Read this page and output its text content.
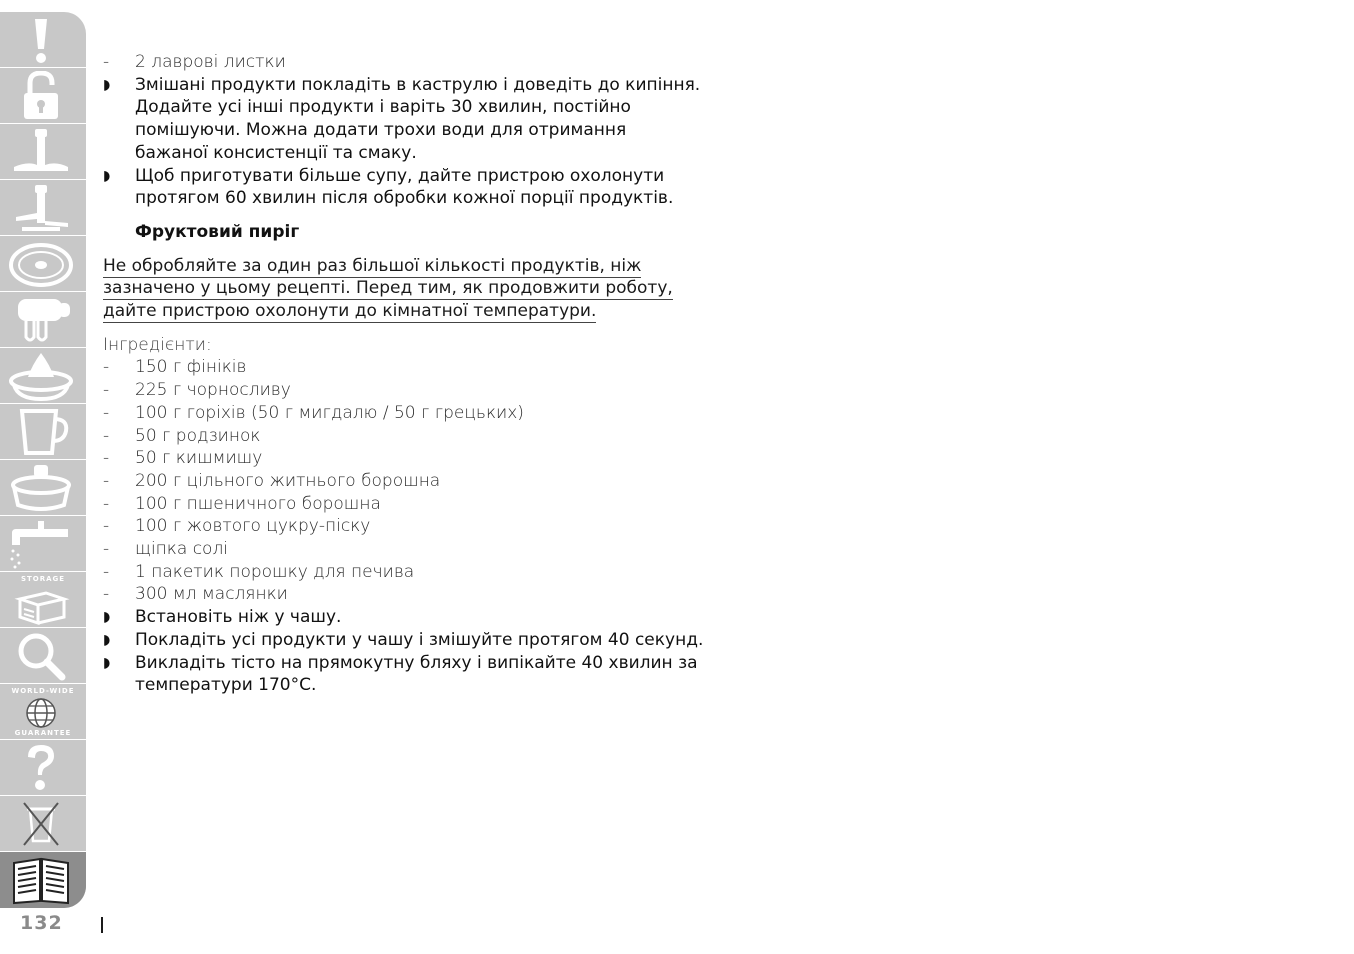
STORAGE
WORLD-WIDE
GUARANTEE
132
- 2 лаврові листки
◗ Змішані продукти покладіть в каструлю і доведіть до кипіння.
Додайте усі інші продукти і варіть 30 хвилин, постійно
помішуючи. Можна додати трохи води для отримання
бажаної консистенції та смаку.
◗ Щоб приготувати більше супу, дайте пристрою охолонути
протягом 60 хвилин після обробки кожної порції продуктів.
Фруктовий пиріг
Не обробляйте за один раз більшої кількості продуктів, ніж
зазначено у цьому рецепті. Перед тим, як продовжити роботу,
дайте пристрою охолонути до кімнатної температури.
Інгредієнти:
- 150 г фініків
- 225 г чорносливу
- 100 г горіхів (50 г мигдалю / 50 г грецьких)
- 50 г родзинок
- 50 г кишмишу
- 200 г цільного житнього борошна
- 100 г пшеничного борошна
- 100 г жовтого цукру-піску
- щіпка солі
- 1 пакетик порошку для печива
- 300 мл маслянки
◗ Встановіть ніж у чашу.
◗ Покладіть усі продукти у чашу і змішуйте протягом 40 секунд.
◗ Викладіть тісто на прямокутну бляху і випікайте 40 хвилин за
температури 170°C.
